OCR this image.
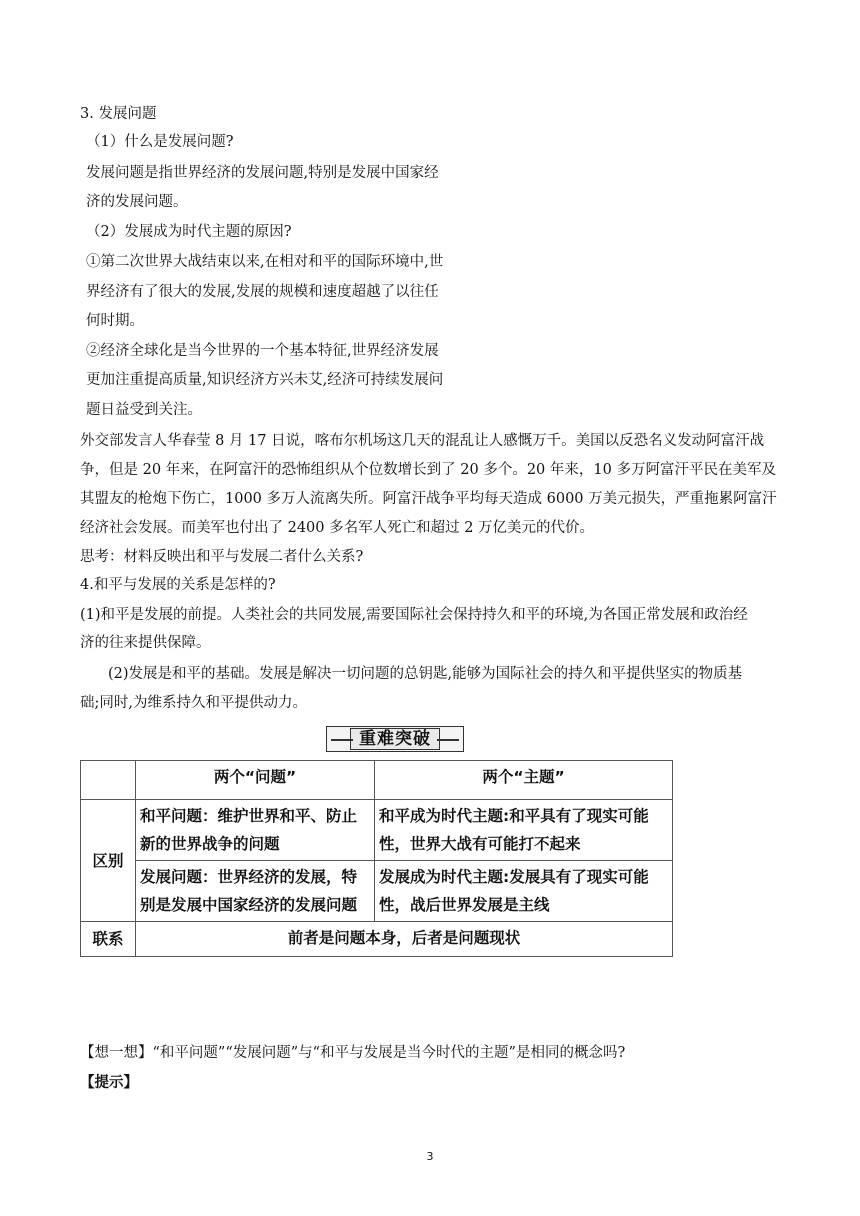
3. 发展问题
（1）什么是发展问题?
发展问题是指世界经济的发展问题,特别是发展中国家经
济的发展问题。
（2）发展成为时代主题的原因?
①第二次世界大战结束以来,在相对和平的国际环境中,世
界经济有了很大的发展,发展的规模和速度超越了以往任
何时期。
②经济全球化是当今世界的一个基本特征,世界经济发展
更加注重提高质量,知识经济方兴未艾,经济可持续发展问
题日益受到关注。
外交部发言人华春莹 8 月 17 日说，喀布尔机场这几天的混乱让人感慨万千。美国以反恐名义发动阿富汗战
争，但是 20 年来，在阿富汗的恐怖组织从个位数增长到了 20 多个。20 年来，10 多万阿富汗平民在美军及
其盟友的枪炮下伤亡，1000 多万人流离失所。阿富汗战争平均每天造成 6000 万美元损失，严重拖累阿富汗
经济社会发展。而美军也付出了 2400 多名军人死亡和超过 2 万亿美元的代价。
思考：材料反映出和平与发展二者什么关系?
4.和平与发展的关系是怎样的?
(1)和平是发展的前提。人类社会的共同发展,需要国际社会保持持久和平的环境,为各国正常发展和政治经
济的往来提供保障。
(2)发展是和平的基础。发展是解决一切问题的总钥匙,能够为国际社会的持久和平提供坚实的物质基
础;同时,为维系持久和平提供动力。
重难突破
	两个“问题”	两个“主题”
区别	和平问题：维护世界和平、防止新的世界战争的问题	和平成为时代主题:和平具有了现实可能性，世界大战有可能打不起来
	发展问题：世界经济的发展，特别是发展中国家经济的发展问题	发展成为时代主题:发展具有了现实可能性，战后世界发展是主线
联系	前者是问题本身，后者是问题现状	
【想一想】“和平问题”“发展问题”与“和平与发展是当今时代的主题”是相同的概念吗?
【提示】
3
